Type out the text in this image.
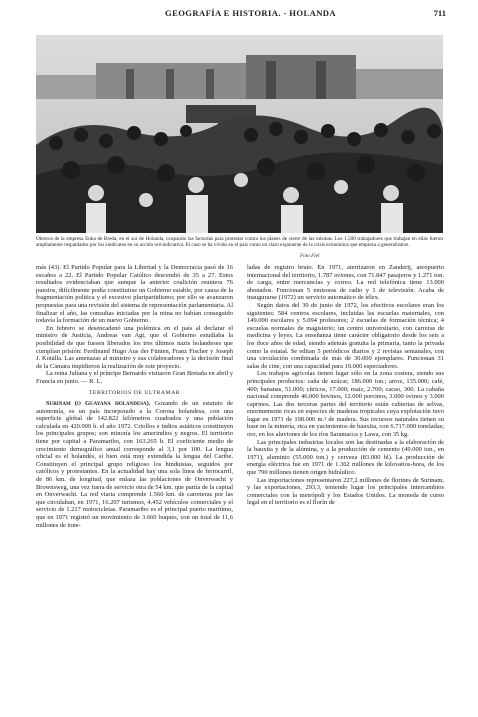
GEOGRAFÍA E HISTORIA. - HOLANDA	711
Obreros de la empresa Enka de Breda, en el sur de Holanda, ocupando las factorías para protestar contra los planes de cierre de las mismas. Los 1.500 trabajadores que trabajan en ellas fueron ampliamente respaldados por los sindicatos en su acción reivindicativa. El caso se ha vivido en el país como un claro exponente de la crisis económica que empieza a generalizarse.
Foto Fiel

más (43). El Partido Popular para la Libertad y la Democracia pasó de 16 escaños a 22. El Partido Popular Católico descendió de 35 a 27. Estos resultados evidenciaban que aunque la anterior coalición reuniera 76 puestos, difícilmente podía constituirse un Gobierno estable, por causa de la fragmentación política y el excesivo pluripartidismo; por ello se avanzaron propuestas para una revisión del sistema de representación parlamentaria. Al finalizar el año, las consultas iniciadas por la reina no habían conseguido todavía la formación de un nuevo Gobierno.

En febrero se desencadenó una polémica en el país al declarar el ministro de Justicia, Andreas van Agt, que el Gobierno estudiaba la posibilidad de que fuesen liberados los tres últimos nazis holandeses que cumplían prisión: Ferdinand Hugo Aus der Fünten, Franz Fischer y Joseph J. Kotälla. Las amenazas al ministro y sus colaboradores y la decisión final de la Cámara impidieron la realización de este proyecto.

La reina Juliana y el príncipe Bernardo visitaron Gran Bretaña en abril y Francia en junio. — R. L.

TERRITORIOS DE ULTRAMAR

Surinam (o Guayana holandesa). Gozando de un estatuto de autonomía, es un país incorporado a la Corona holandesa, con una superficie global de 142.822 kilómetros cuadrados y una población calculada en 420.000 h. el año 1972. Criollos e indios asiáticos constituyen los principales grupos; son minoría los amerindios y negros. El territorio tiene por capital a Paramaribo, con 163.265 h. El coeficiente medio de crecimiento demográfico anual corresponde al 3,1 por 100. La lengua oficial es el holandés, si bien está muy extendida la lengua del Caribe. Constituyen el principal grupo religioso los hinduistas, seguidos por católicos y protestantes. En la actualidad hay una sola línea de ferrocarril, de 86 km. de longitud, que enlaza las poblaciones de Onverwacht y Brownsweg, una vez fuera de servicio otra de 54 km. que partía de la capital en Onverwacht. La red viaria comprende 1.560 km. de carreteras por las que circulaban, en 1971, 16.207 turismos, 4.452 vehículos comerciales y el servicio de 1.217 motocicletas. Paramaribo es el principal puerto marítimo, que en 1971 registró un movimiento de 3.660 buques, con un total de 11,6 millones de tone-

ladas de registro bruto. En 1971, aterrizaron en Zanderij, aeropuerto internacional del territorio, 1.787 aviones, con 71.847 pasajeros y 1.271 ton. de carga, entre mercancías y correo. La red telefónica tiene 13.000 abonados. Funcionan 5 emisoras de radio y 1 de televisión. Acaba de inaugurarse (1972) un servicio automático de télex.

Según datos del 30 de junio de 1972, los efectivos escolares eran los siguientes: 584 centros escolares, incluidas las escuelas maternales, con 149.000 escolares y 5.094 profesores; 2 escuelas de formación técnica; 4 escuelas normales de magisterio; un centro universitario, con carreras de medicina y leyes. La enseñanza tiene carácter obligatorio desde los seis a los doce años de edad, siendo además gratuita la primaria, tanto la privada como la estatal. Se editan 5 periódicos diarios y 2 revistas semanales, con una circulación combinada de más de 30.000 ejemplares. Funcionan 31 salas de cine, con una capacidad para 19.000 espectadores.

Los trabajos agrícolas tienen lugar sólo en la zona costera, siendo sus principales productos: caña de azúcar, 186.000 ton.; arroz, 135.000; café, 400; bananas, 51.000; cítricos, 17.000; maíz, 2.700; cacao, 300. La cabaña nacional comprende 46.000 bovinos, 12.000 porcinos, 3.000 ovinos y 3.000 caprinos. Las dos terceras partes del territorio están cubiertas de selvas, enormemente ricas en especies de maderas tropicales cuya explotación tuvo lugar en 1971 de 198.000 m.³ de madera. Sus recursos naturales tienen su base en la minería, rica en yacimientos de bauxita, con 6.717.000 toneladas; oro, en los aluviones de los ríos Saramacca y Lawa, con 35 kg.

Las principales industrias locales son las destinadas a la elaboración de la bauxita y de la alúmina, y a la producción de cemento (49.000 ton., en 1971), aluminio (55.000 ton.) y cerveza (83.000 hl). La producción de energía eléctrica fue en 1971 de 1.362 millones de kilovatios-hora, de los que 790 millones tienen origen hidráulico.

Las importaciones representaron 227,2 millones de florines de Surinam, y las exportaciones, 293,3, teniendo lugar los principales intercambios comerciales con la metrópoli y los Estados Unidos. La moneda de curso legal en el territorio es el florín de
